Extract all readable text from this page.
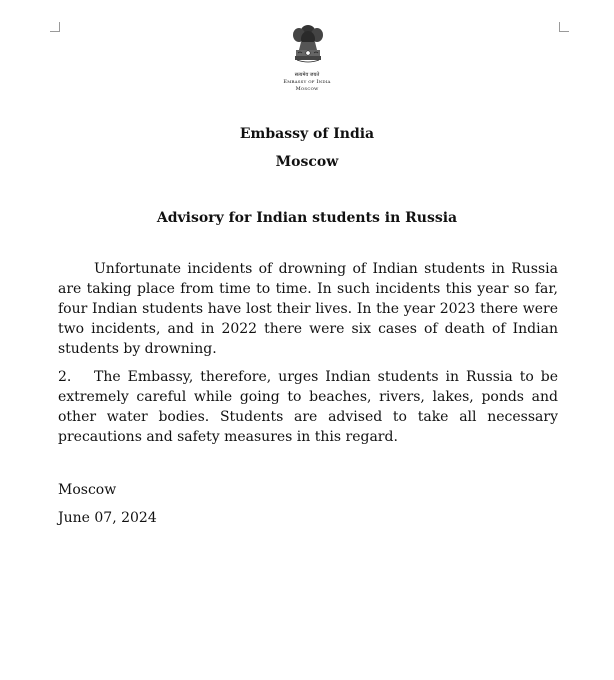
सत्यमेव जयते
Embassy of India
Moscow
Embassy of India
Moscow
Advisory for Indian students in Russia
Unfortunate incidents of drowning of Indian students in Russia are taking place from time to time. In such incidents this year so far, four Indian students have lost their lives. In the year 2023 there were two incidents, and in 2022 there were six cases of death of Indian students by drowning.
2. The Embassy, therefore, urges Indian students in Russia to be extremely careful while going to beaches, rivers, lakes, ponds and other water bodies. Students are advised to take all necessary precautions and safety measures in this regard.
Moscow
June 07, 2024
